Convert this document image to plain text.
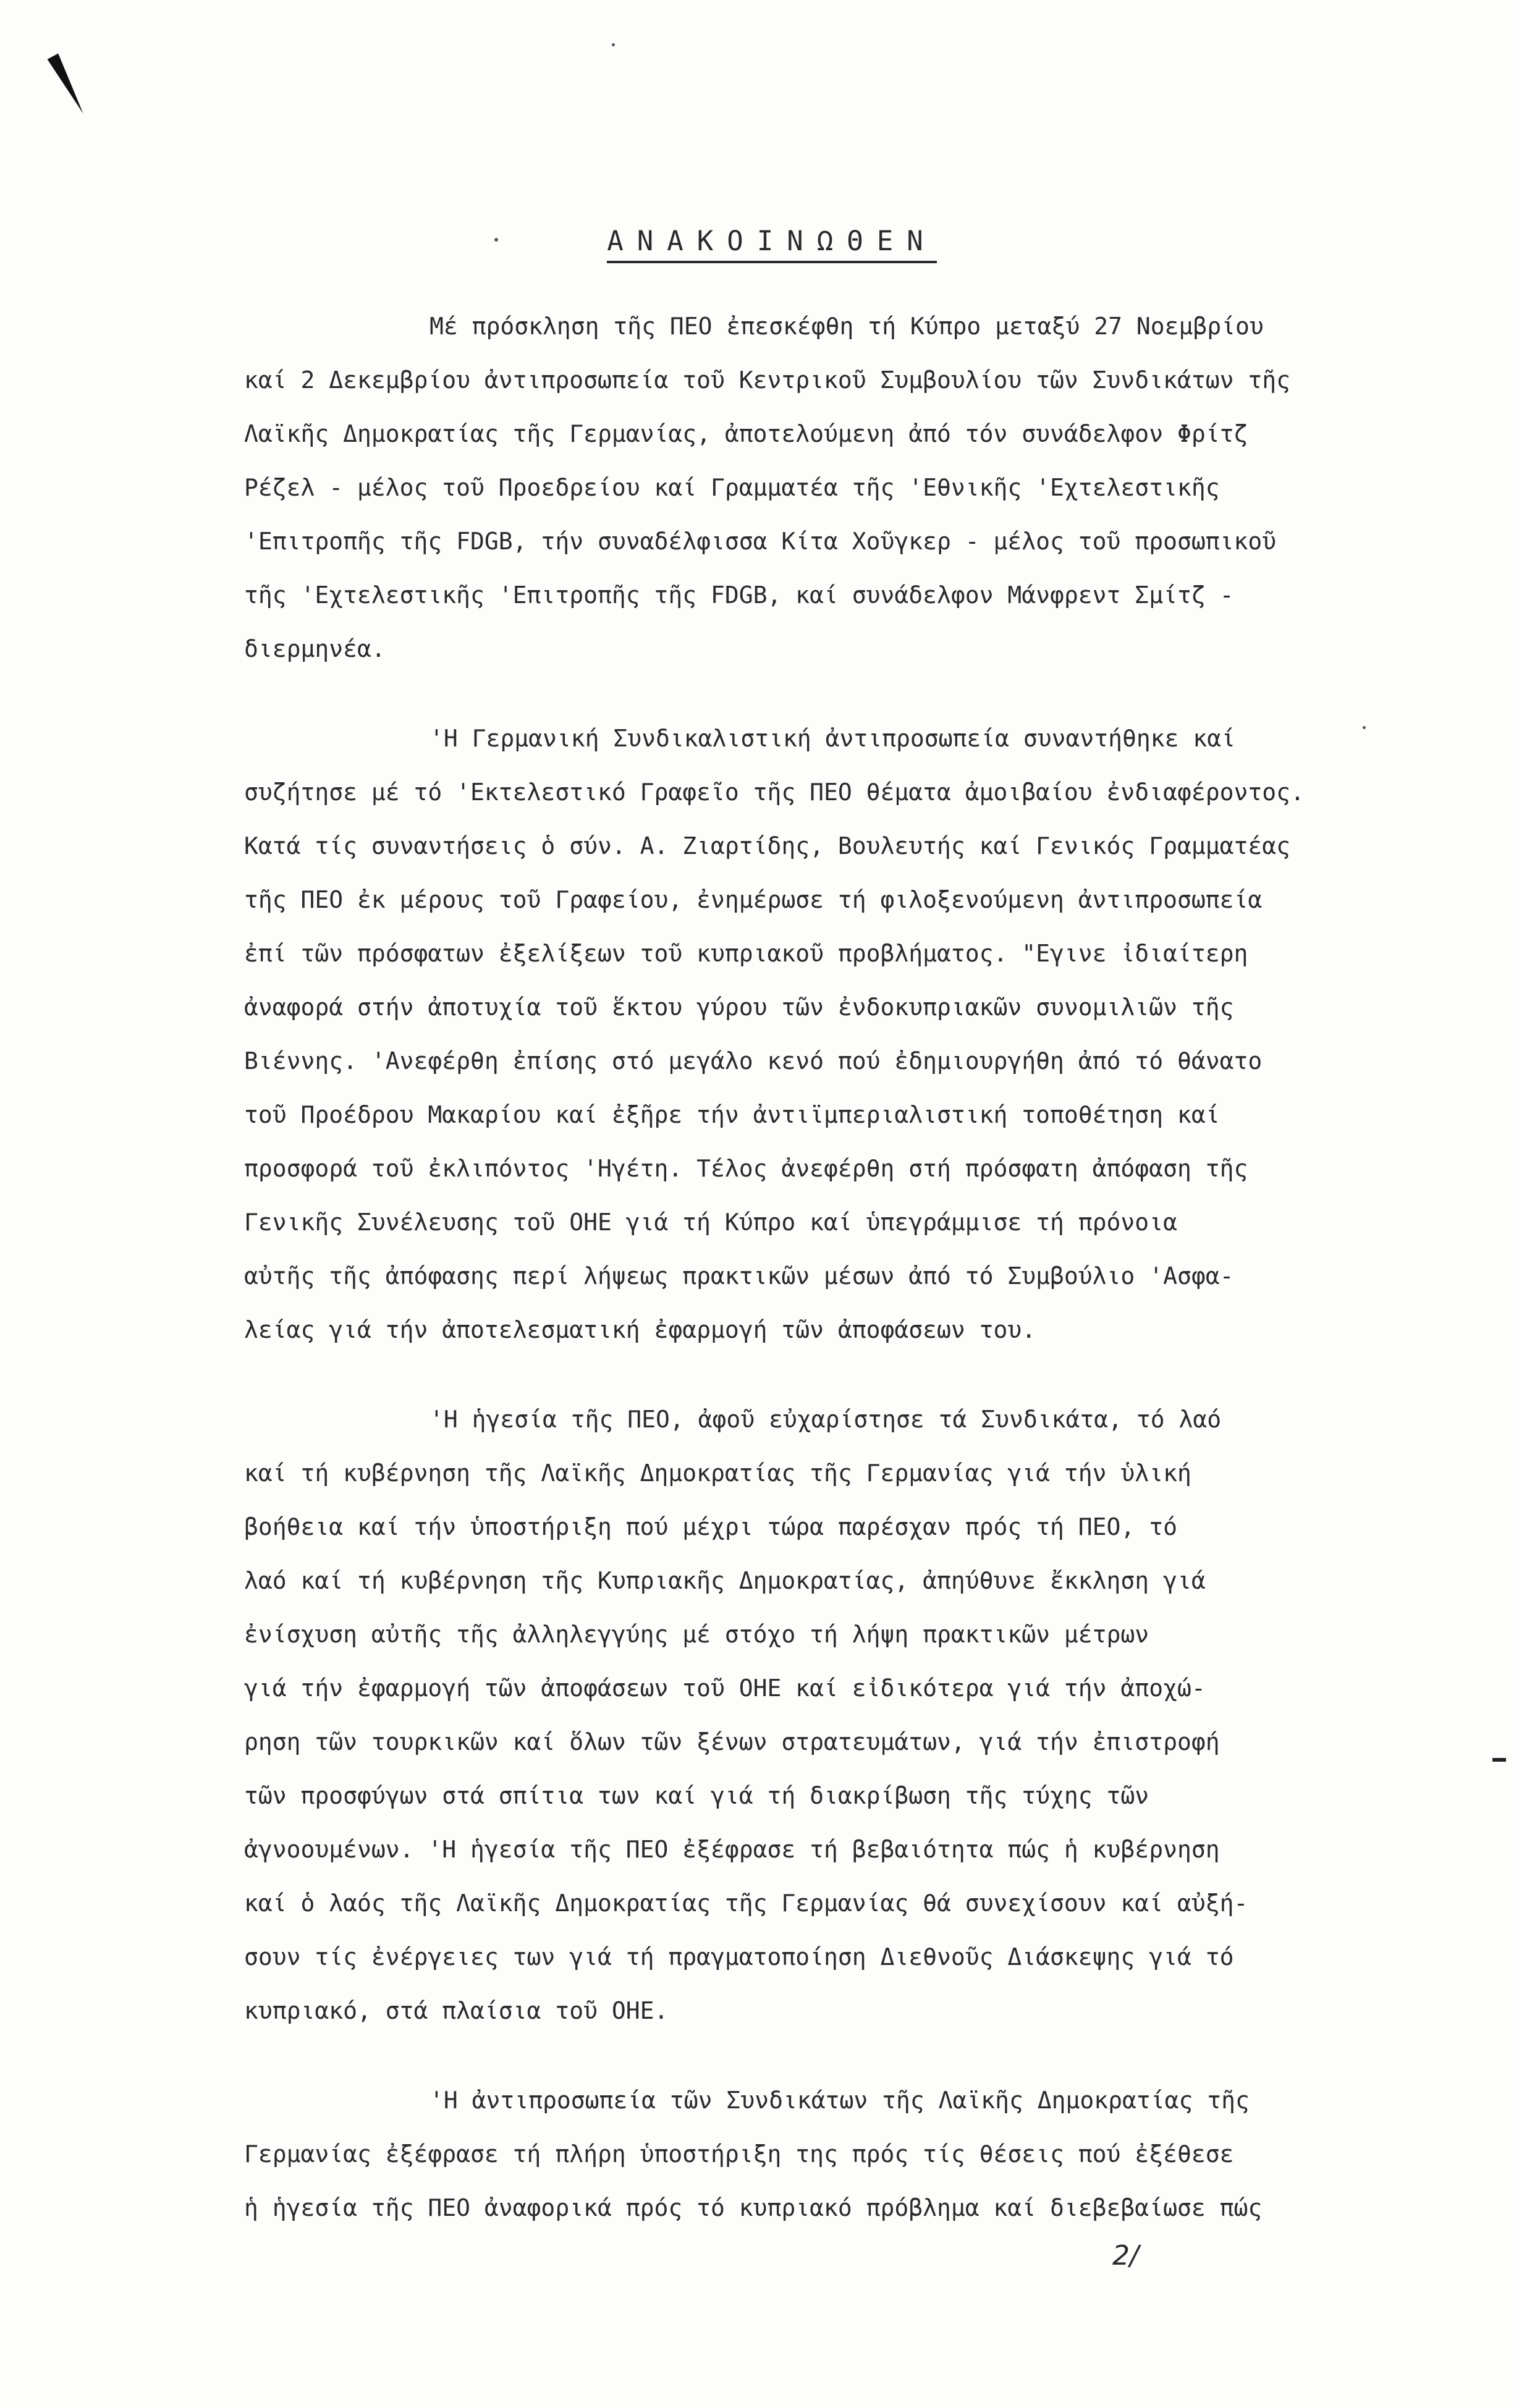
ΑΝΑΚΟΙΝΩΘΕΝ
Μέ πρόσκληση τῆς ΠΕΟ ἐπεσκέφθη τή Κύπρο μεταξύ 27 Νοεμβρίου
καί 2 Δεκεμβρίου ἀντιπροσωπεία τοῦ Κεντρικοῦ Συμβουλίου τῶν Συνδικάτων τῆς
Λαϊκῆς Δημοκρατίας τῆς Γερμανίας, ἀποτελούμενη ἀπό τόν συνάδελφον Φρίτζ
Ρέζελ - μέλος τοῦ Προεδρείου καί Γραμματέα τῆς 'Εθνικῆς 'Εχτελεστικῆς
'Επιτροπῆς τῆς FDGB, τήν συναδέλφισσα Κίτα Χοῦγκερ - μέλος τοῦ προσωπικοῦ
τῆς 'Εχτελεστικῆς 'Επιτροπῆς τῆς FDGB, καί συνάδελφον Μάνφρεντ Σμίτζ -
διερμηνέα.
'Η Γερμανική Συνδικαλιστική ἀντιπροσωπεία συναντήθηκε καί
συζήτησε μέ τό 'Εκτελεστικό Γραφεῖο τῆς ΠΕΟ θέματα ἀμοιβαίου ἐνδιαφέροντος.
Κατά τίς συναντήσεις ὁ σύν. Α. Ζιαρτίδης, Βουλευτής καί Γενικός Γραμματέας
τῆς ΠΕΟ ἐκ μέρους τοῦ Γραφείου, ἐνημέρωσε τή φιλοξενούμενη ἀντιπροσωπεία
ἐπί τῶν πρόσφατων ἐξελίξεων τοῦ κυπριακοῦ προβλήματος. "Εγινε ἰδιαίτερη
ἀναφορά στήν ἀποτυχία τοῦ ἕκτου γύρου τῶν ἐνδοκυπριακῶν συνομιλιῶν τῆς
Βιέννης. 'Ανεφέρθη ἐπίσης στό μεγάλο κενό πού ἐδημιουργήθη ἀπό τό θάνατο
τοῦ Προέδρου Μακαρίου καί ἐξῆρε τήν ἀντιϊμπεριαλιστική τοποθέτηση καί
προσφορά τοῦ ἐκλιπόντος 'Ηγέτη. Τέλος ἀνεφέρθη στή πρόσφατη ἀπόφαση τῆς
Γενικῆς Συνέλευσης τοῦ ΟΗΕ γιά τή Κύπρο καί ὑπεγράμμισε τή πρόνοια
αὐτῆς τῆς ἀπόφασης περί λήψεως πρακτικῶν μέσων ἀπό τό Συμβούλιο 'Ασφα-
λείας γιά τήν ἀποτελεσματική ἐφαρμογή τῶν ἀποφάσεων του.
'Η ἡγεσία τῆς ΠΕΟ, ἀφοῦ εὐχαρίστησε τά Συνδικάτα, τό λαό
καί τή κυβέρνηση τῆς Λαϊκῆς Δημοκρατίας τῆς Γερμανίας γιά τήν ὑλική
βοήθεια καί τήν ὑποστήριξη πού μέχρι τώρα παρέσχαν πρός τή ΠΕΟ, τό
λαό καί τή κυβέρνηση τῆς Κυπριακῆς Δημοκρατίας, ἀπηύθυνε ἔκκληση γιά
ἐνίσχυση αὐτῆς τῆς ἀλληλεγγύης μέ στόχο τή λήψη πρακτικῶν μέτρων
γιά τήν ἐφαρμογή τῶν ἀποφάσεων τοῦ ΟΗΕ καί εἰδικότερα γιά τήν ἀποχώ-
ρηση τῶν τουρκικῶν καί ὅλων τῶν ξένων στρατευμάτων, γιά τήν ἐπιστροφή
τῶν προσφύγων στά σπίτια των καί γιά τή διακρίβωση τῆς τύχης τῶν
ἀγνοουμένων. 'Η ἡγεσία τῆς ΠΕΟ ἐξέφρασε τή βεβαιότητα πώς ἡ κυβέρνηση
καί ὁ λαός τῆς Λαϊκῆς Δημοκρατίας τῆς Γερμανίας θά συνεχίσουν καί αὐξή-
σουν τίς ἐνέργειες των γιά τή πραγματοποίηση Διεθνοῦς Διάσκεψης γιά τό
κυπριακό, στά πλαίσια τοῦ ΟΗΕ.
'Η ἀντιπροσωπεία τῶν Συνδικάτων τῆς Λαϊκῆς Δημοκρατίας τῆς
Γερμανίας ἐξέφρασε τή πλήρη ὑποστήριξη της πρός τίς θέσεις πού ἐξέθεσε
ἡ ἡγεσία τῆς ΠΕΟ ἀναφορικά πρός τό κυπριακό πρόβλημα καί διεβεβαίωσε πώς
2/
